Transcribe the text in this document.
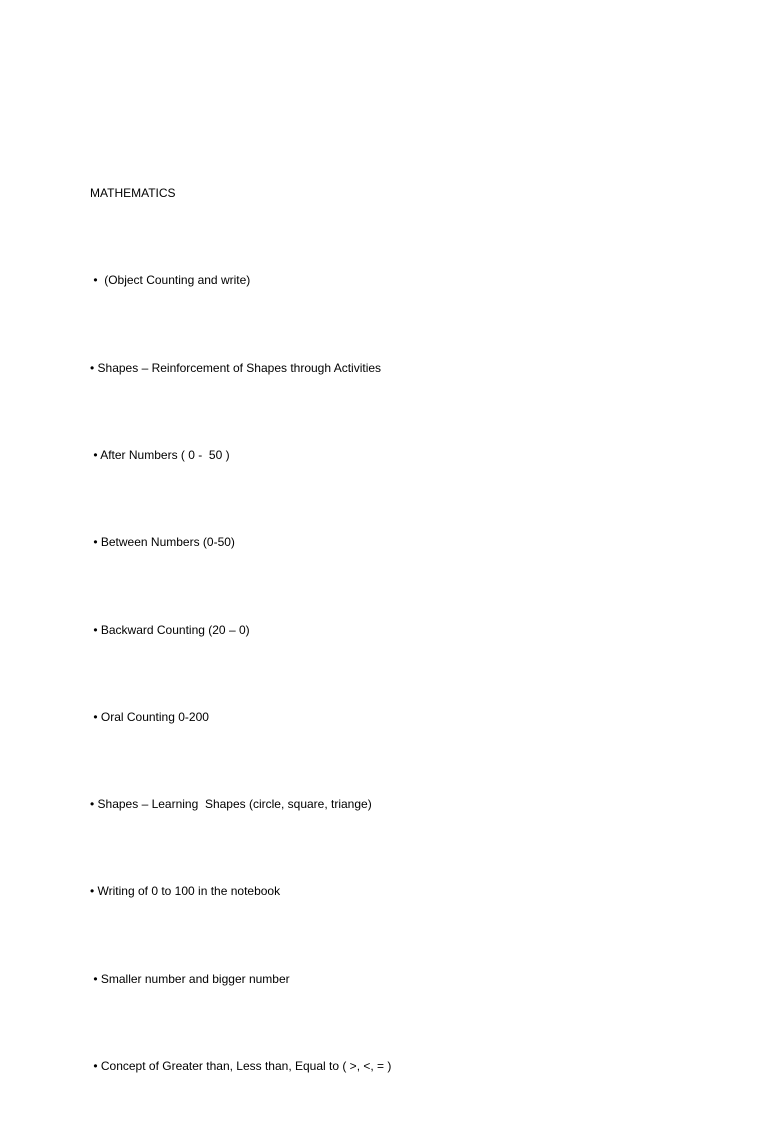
MATHEMATICS

•  (Object Counting and write)

• Shapes – Reinforcement of Shapes through Activities

• After Numbers ( 0 -  50 )

• Between Numbers (0-50)

• Backward Counting (20 – 0)

• Oral Counting 0-200

• Shapes – Learning  Shapes (circle, square, triange)

• Writing of 0 to 100 in the notebook

• Smaller number and bigger number

• Concept of Greater than, Less than, Equal to ( >, <, = )
